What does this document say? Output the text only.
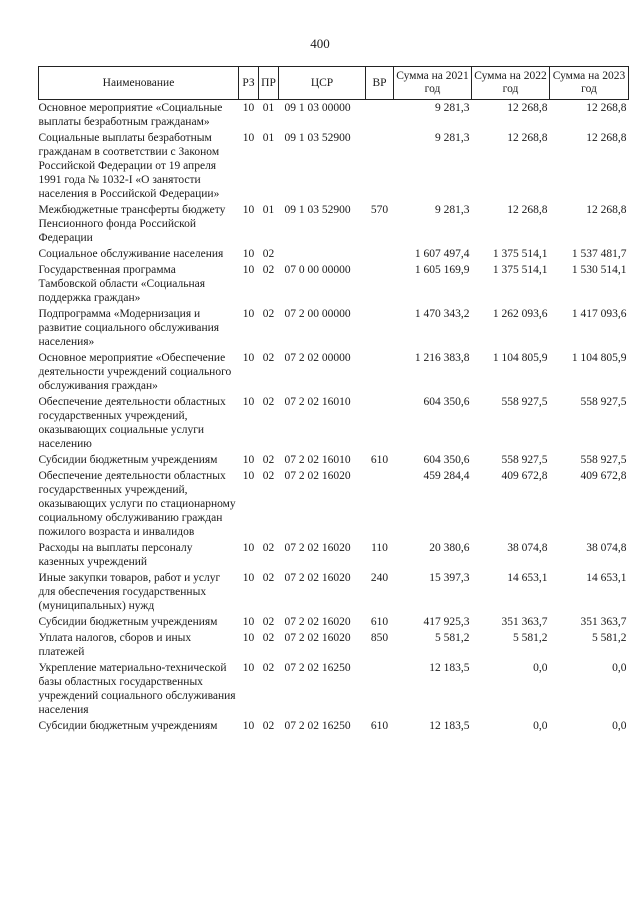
400
Наименование	РЗ	ПР	ЦСР	ВР	Сумма на 2021 год	Сумма на 2022 год	Сумма на 2023 год
Основное мероприятие «Социальные выплаты безработным гражданам»	10	01	09 1 03 00000		9 281,3	12 268,8	12 268,8
Социальные выплаты безработным гражданам в соответствии с Законом Российской Федерации от 19 апреля 1991 года № 1032-I «О занятости населения в Российской Федерации»	10	01	09 1 03 52900		9 281,3	12 268,8	12 268,8
Межбюджетные трансферты бюджету Пенсионного фонда Российской Федерации	10	01	09 1 03 52900	570	9 281,3	12 268,8	12 268,8
Социальное обслуживание населения	10	02			1 607 497,4	1 375 514,1	1 537 481,7
Государственная программа Тамбовской области «Социальная поддержка граждан»	10	02	07 0 00 00000		1 605 169,9	1 375 514,1	1 530 514,1
Подпрограмма «Модернизация и развитие социального обслуживания населения»	10	02	07 2 00 00000		1 470 343,2	1 262 093,6	1 417 093,6
Основное мероприятие «Обеспечение деятельности учреждений социального обслуживания граждан»	10	02	07 2 02 00000		1 216 383,8	1 104 805,9	1 104 805,9
Обеспечение деятельности областных государственных учреждений, оказывающих социальные услуги населению	10	02	07 2 02 16010		604 350,6	558 927,5	558 927,5
Субсидии бюджетным учреждениям	10	02	07 2 02 16010	610	604 350,6	558 927,5	558 927,5
Обеспечение деятельности областных государственных учреждений, оказывающих услуги по стационарному социальному обслуживанию граждан пожилого возраста и инвалидов	10	02	07 2 02 16020		459 284,4	409 672,8	409 672,8
Расходы на выплаты персоналу казенных учреждений	10	02	07 2 02 16020	110	20 380,6	38 074,8	38 074,8
Иные закупки товаров, работ и услуг для обеспечения государственных (муниципальных) нужд	10	02	07 2 02 16020	240	15 397,3	14 653,1	14 653,1
Субсидии бюджетным учреждениям	10	02	07 2 02 16020	610	417 925,3	351 363,7	351 363,7
Уплата налогов, сборов и иных платежей	10	02	07 2 02 16020	850	5 581,2	5 581,2	5 581,2
Укрепление материально-технической базы областных государственных учреждений социального обслуживания населения	10	02	07 2 02 16250		12 183,5	0,0	0,0
Субсидии бюджетным учреждениям	10	02	07 2 02 16250	610	12 183,5	0,0	0,0
